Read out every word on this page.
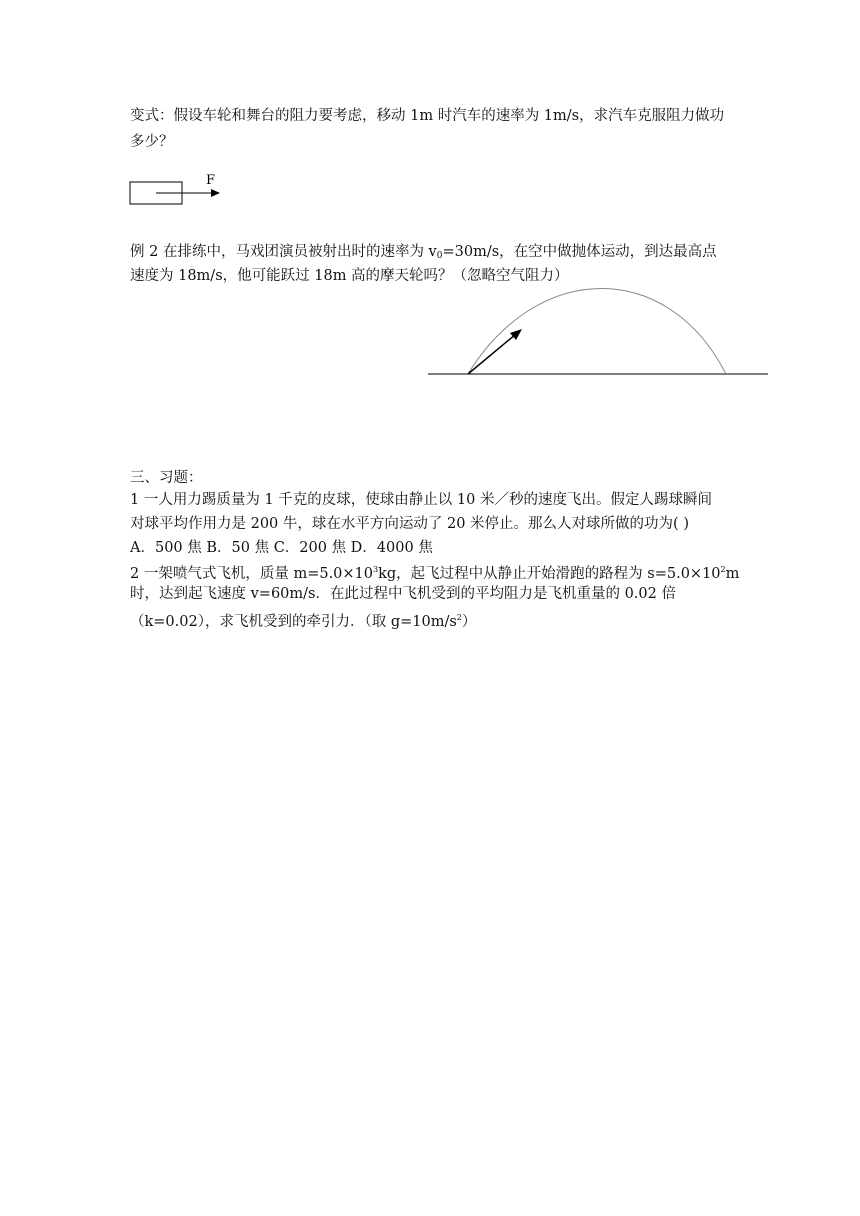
变式：假设车轮和舞台的阻力要考虑，移动 1m 时汽车的速率为 1m/s，求汽车克服阻力做功
多少？
F
例 2 在排练中，马戏团演员被射出时的速率为 $v_0=30m/s$，在空中做抛体运动，到达最高点
速度为 18m/s，他可能跃过 18m 高的摩天轮吗？（忽略空气阻力）
三、习题：
1 一人用力踢质量为 1 千克的皮球，使球由静止以 10 米／秒的速度飞出。假定人踢球瞬间
对球平均作用力是 200 牛，球在水平方向运动了 20 米停止。那么人对球所做的功为( )
A．500 焦 B．50 焦 C．200 焦 D．4000 焦
2 一架喷气式飞机，质量 $m=5.0\times 10^3kg$，起飞过程中从静止开始滑跑的路程为 $s=5.0\times 10^2m$
时，达到起飞速度 v=60m/s．在此过程中飞机受到的平均阻力是飞机重量的 0.02 倍
（k=0.02），求飞机受到的牵引力．（取 $g=10m/s^2$）
